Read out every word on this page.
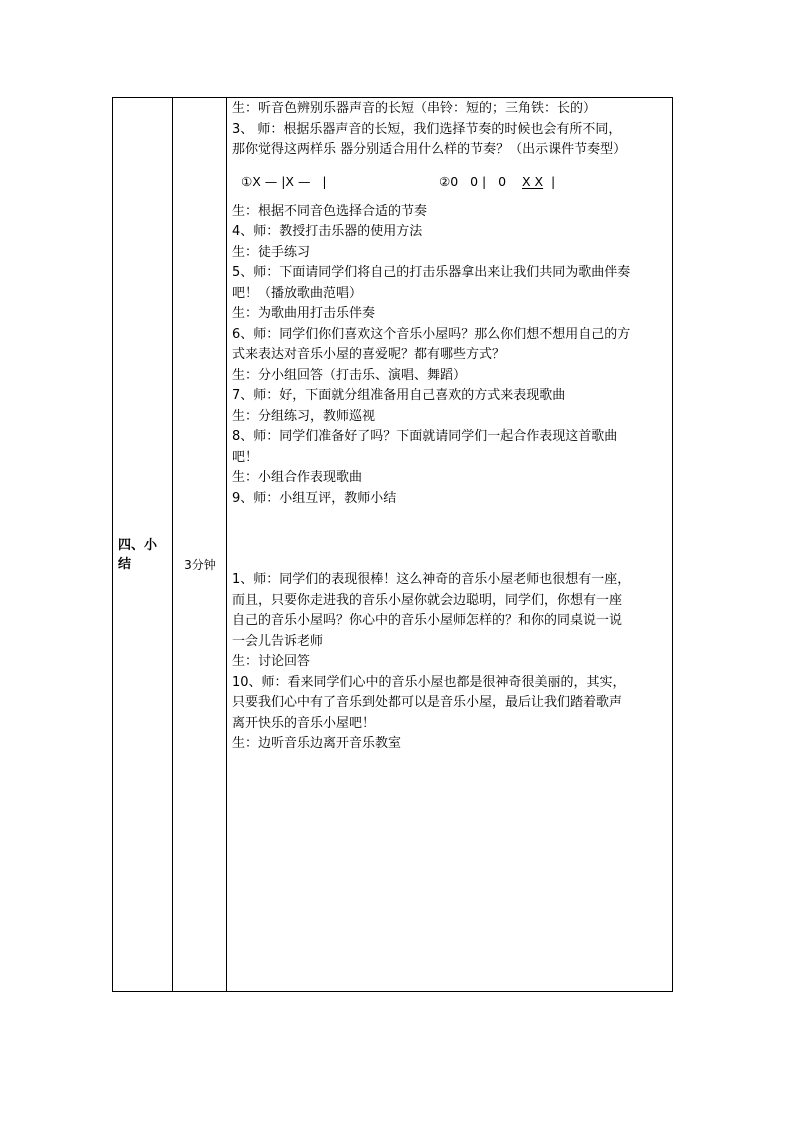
四、小结	3分钟

生：听音色辨别乐器声音的长短（串铃：短的；三角铁：长的）

3、 师：根据乐器声音的长短，我们选择节奏的时候也会有所不同，

那你觉得这两样乐 器分别适合用什么样的节奏？（出示课件节奏型）

①X — |X —   |	②0   0 |   0    X X  |

生：根据不同音色选择合适的节奏

4、师：教授打击乐器的使用方法

生：徒手练习

5、师：下面请同学们将自己的打击乐器拿出来让我们共同为歌曲伴奏

吧！（播放歌曲范唱）

生：为歌曲用打击乐伴奏

6、师：同学们你们喜欢这个音乐小屋吗？那么你们想不想用自己的方

式来表达对音乐小屋的喜爱呢？都有哪些方式？

生：分小组回答（打击乐、演唱、舞蹈）

7、师：好，下面就分组准备用自己喜欢的方式来表现歌曲

生：分组练习，教师巡视

8、师：同学们准备好了吗？下面就请同学们一起合作表现这首歌曲

吧！

生：小组合作表现歌曲

9、师：小组互评，教师小结

1、师：同学们的表现很棒！这么神奇的音乐小屋老师也很想有一座，

而且，只要你走进我的音乐小屋你就会边聪明，同学们，你想有一座

自己的音乐小屋吗？你心中的音乐小屋师怎样的？和你的同桌说一说

一会儿告诉老师

生：讨论回答

10、师：看来同学们心中的音乐小屋也都是很神奇很美丽的，其实，

只要我们心中有了音乐到处都可以是音乐小屋，最后让我们踏着歌声

离开快乐的音乐小屋吧！

生：边听音乐边离开音乐教室
